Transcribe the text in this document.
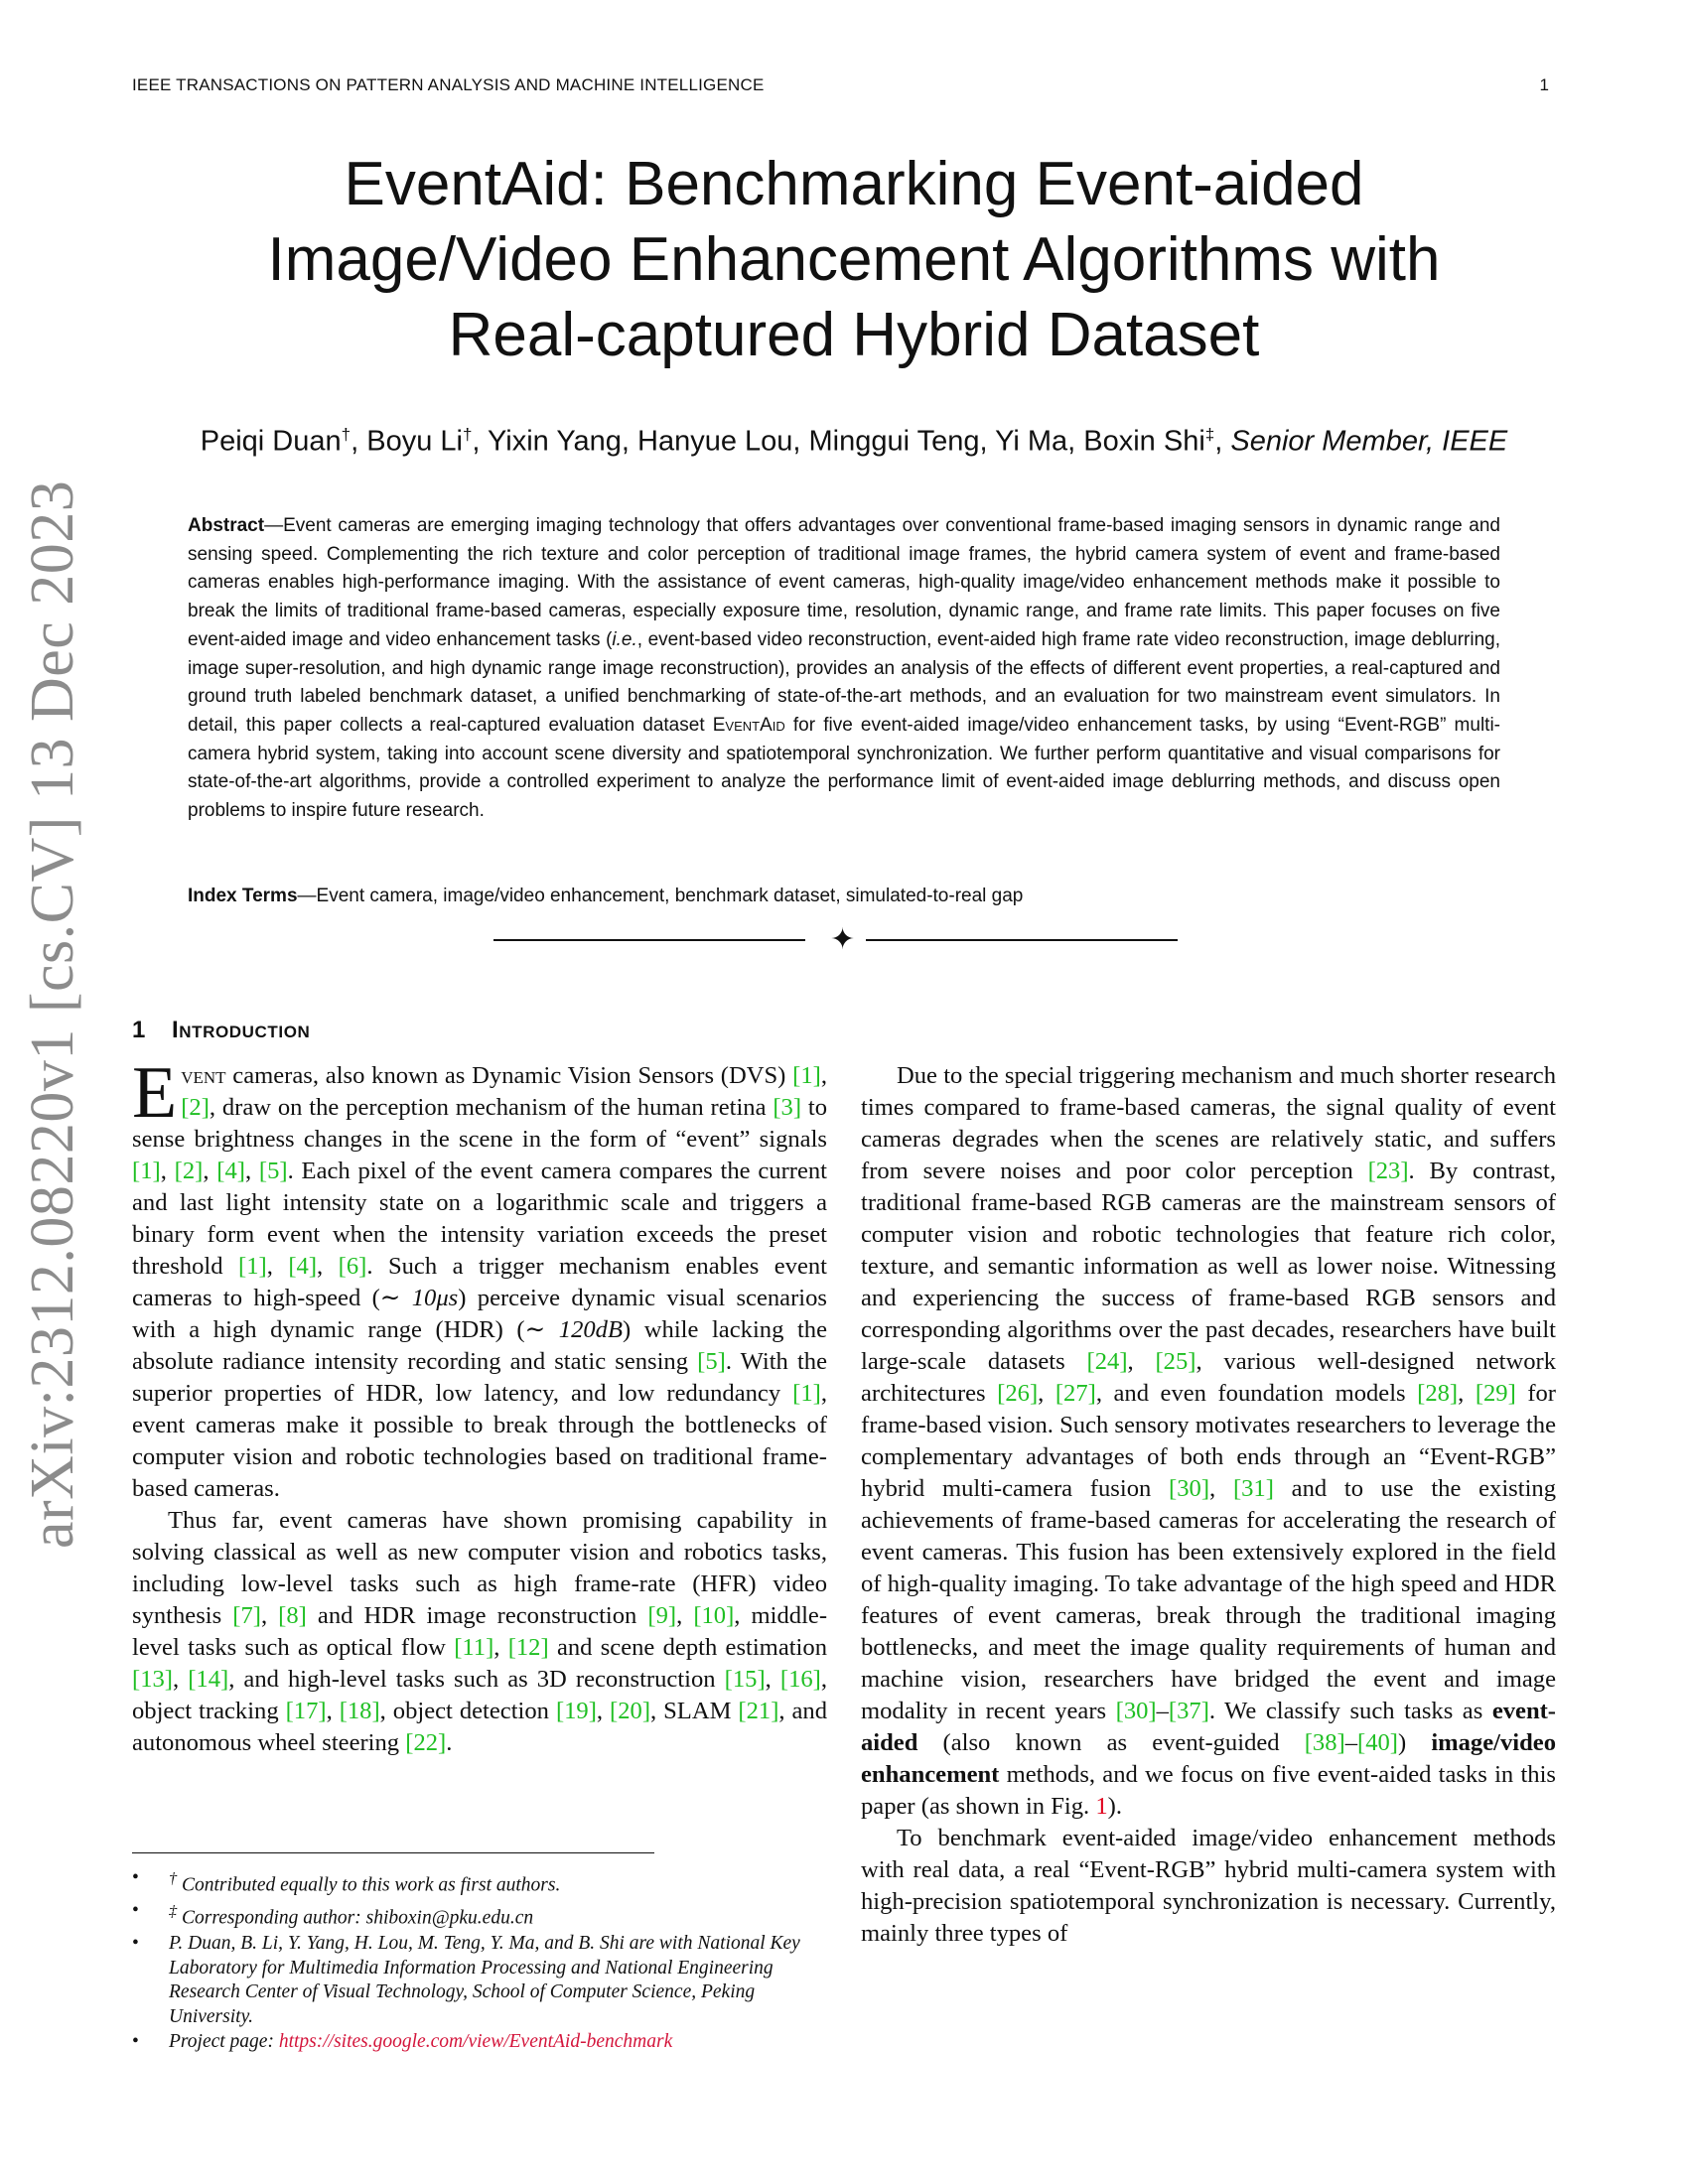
IEEE TRANSACTIONS ON PATTERN ANALYSIS AND MACHINE INTELLIGENCE	1
arXiv:2312.08220v1 [cs.CV] 13 Dec 2023
EventAid: Benchmarking Event-aided
Image/Video Enhancement Algorithms with
Real-captured Hybrid Dataset
Peiqi Duan†, Boyu Li†, Yixin Yang, Hanyue Lou, Minggui Teng, Yi Ma, Boxin Shi‡, Senior Member, IEEE

Abstract—Event cameras are emerging imaging technology that offers advantages over conventional frame-based imaging sensors in dynamic range and sensing speed. Complementing the rich texture and color perception of traditional image frames, the hybrid camera system of event and frame-based cameras enables high-performance imaging. With the assistance of event cameras, high-quality image/video enhancement methods make it possible to break the limits of traditional frame-based cameras, especially exposure time, resolution, dynamic range, and frame rate limits. This paper focuses on five event-aided image and video enhancement tasks (i.e., event-based video reconstruction, event-aided high frame rate video reconstruction, image deblurring, image super-resolution, and high dynamic range image reconstruction), provides an analysis of the effects of different event properties, a real-captured and ground truth labeled benchmark dataset, a unified benchmarking of state-of-the-art methods, and an evaluation for two mainstream event simulators. In detail, this paper collects a real-captured evaluation dataset EventAid for five event-aided image/video enhancement tasks, by using “Event-RGB” multi-camera hybrid system, taking into account scene diversity and spatiotemporal synchronization. We further perform quantitative and visual comparisons for state-of-the-art algorithms, provide a controlled experiment to analyze the performance limit of event-aided image deblurring methods, and discuss open problems to inspire future research.

Index Terms—Event camera, image/video enhancement, benchmark dataset, simulated-to-real gap
✦
1 Introduction

Event cameras, also known as Dynamic Vision Sensors (DVS) [1], [2], draw on the perception mechanism of the human retina [3] to sense brightness changes in the scene in the form of “event” signals [1], [2], [4], [5]. Each pixel of the event camera compares the current and last light intensity state on a logarithmic scale and triggers a binary form event when the intensity variation exceeds the preset threshold [1], [4], [6]. Such a trigger mechanism enables event cameras to high-speed (∼ 10μs) perceive dynamic visual scenarios with a high dynamic range (HDR) (∼ 120dB) while lacking the absolute radiance intensity recording and static sensing [5]. With the superior properties of HDR, low latency, and low redundancy [1], event cameras make it possible to break through the bottlenecks of computer vision and robotic technologies based on traditional frame-based cameras.

Thus far, event cameras have shown promising capability in solving classical as well as new computer vision and robotics tasks, including low-level tasks such as high frame-rate (HFR) video synthesis [7], [8] and HDR image reconstruction [9], [10], middle-level tasks such as optical flow [11], [12] and scene depth estimation [13], [14], and high-level tasks such as 3D reconstruction [15], [16], object tracking [17], [18], object detection [19], [20], SLAM [21], and autonomous wheel steering [22].

Due to the special triggering mechanism and much shorter research times compared to frame-based cameras, the signal quality of event cameras degrades when the scenes are relatively static, and suffers from severe noises and poor color perception [23]. By contrast, traditional frame-based RGB cameras are the mainstream sensors of computer vision and robotic technologies that feature rich color, texture, and semantic information as well as lower noise. Witnessing and experiencing the success of frame-based RGB sensors and corresponding algorithms over the past decades, researchers have built large-scale datasets [24], [25], various well-designed network architectures [26], [27], and even foundation models [28], [29] for frame-based vision. Such sensory motivates researchers to leverage the complementary advantages of both ends through an “Event-RGB” hybrid multi-camera fusion [30], [31] and to use the existing achievements of frame-based cameras for accelerating the research of event cameras. This fusion has been extensively explored in the field of high-quality imaging. To take advantage of the high speed and HDR features of event cameras, break through the traditional imaging bottlenecks, and meet the image quality requirements of human and machine vision, researchers have bridged the event and image modality in recent years [30]–[37]. We classify such tasks as event-aided (also known as event-guided [38]–[40]) image/video enhancement methods, and we focus on five event-aided tasks in this paper (as shown in Fig. 1).

To benchmark event-aided image/video enhancement methods with real data, a real “Event-RGB” hybrid multi-camera system with high-precision spatiotemporal synchronization is necessary. Currently, mainly three types of

• † Contributed equally to this work as first authors.
• ‡ Corresponding author: shiboxin@pku.edu.cn
• P. Duan, B. Li, Y. Yang, H. Lou, M. Teng, Y. Ma, and B. Shi are with National Key Laboratory for Multimedia Information Processing and National Engineering Research Center of Visual Technology, School of Computer Science, Peking University.
• Project page: https://sites.google.com/view/EventAid-benchmark
